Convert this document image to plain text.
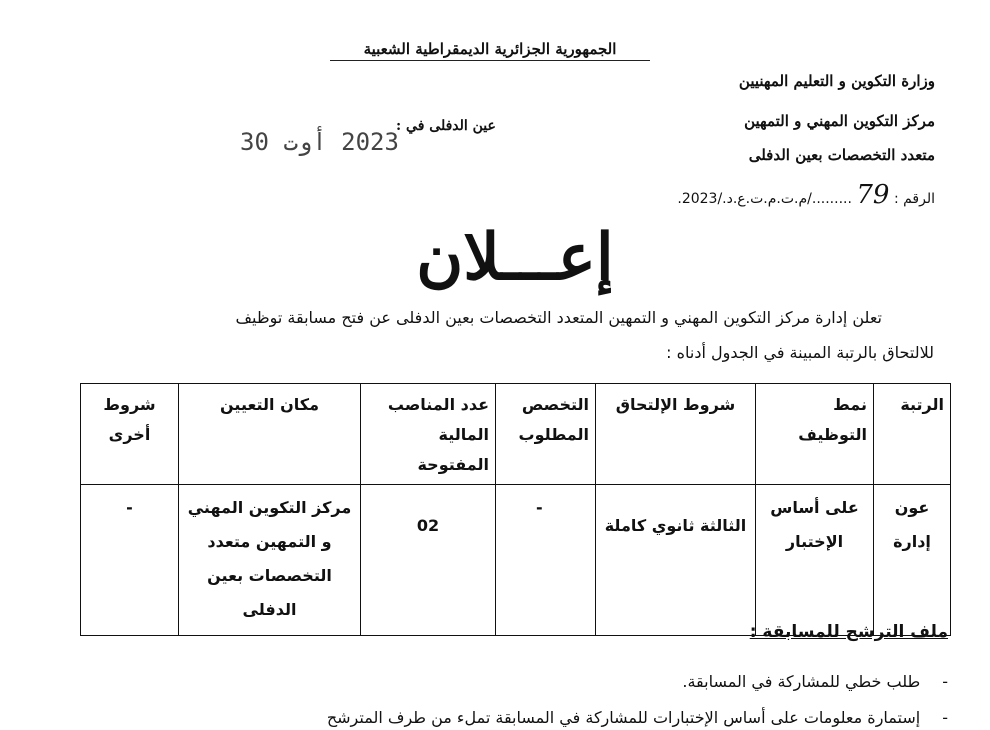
الجمهورية الجزائرية الديمقراطية الشعبية
وزارة التكوين و التعليم المهنيين
مركز التكوين المهني و التمهين
متعدد التخصصات بعين الدفلى
الرقم : 79 ........./م.ت.م.ت.ع.د./2023.
عين الدفلى في :
2023 أوت 30
إعـــلان
تعلن إدارة مركز التكوين المهني و التمهين المتعدد التخصصات بعين الدفلى عن فتح مسابقة توظيف
للالتحاق بالرتبة المبينة في الجدول أدناه :
الرتبة	نمط التوظيف	شروط الإلتحاق	التخصص المطلوب	عدد المناصب المالية المفتوحة	مكان التعيين	شروط أخرى
عون إدارة	على أساس الإختبار	الثالثة ثانوي كاملة	-	02	مركز التكوين المهني و التمهين متعدد التخصصات بعين الدفلى	-
ملف الترشح للمسابقة :
-طلب خطي للمشاركة في المسابقة.
-إستمارة معلومات على أساس الإختبارات للمشاركة في المسابقة تملء من طرف المترشح
